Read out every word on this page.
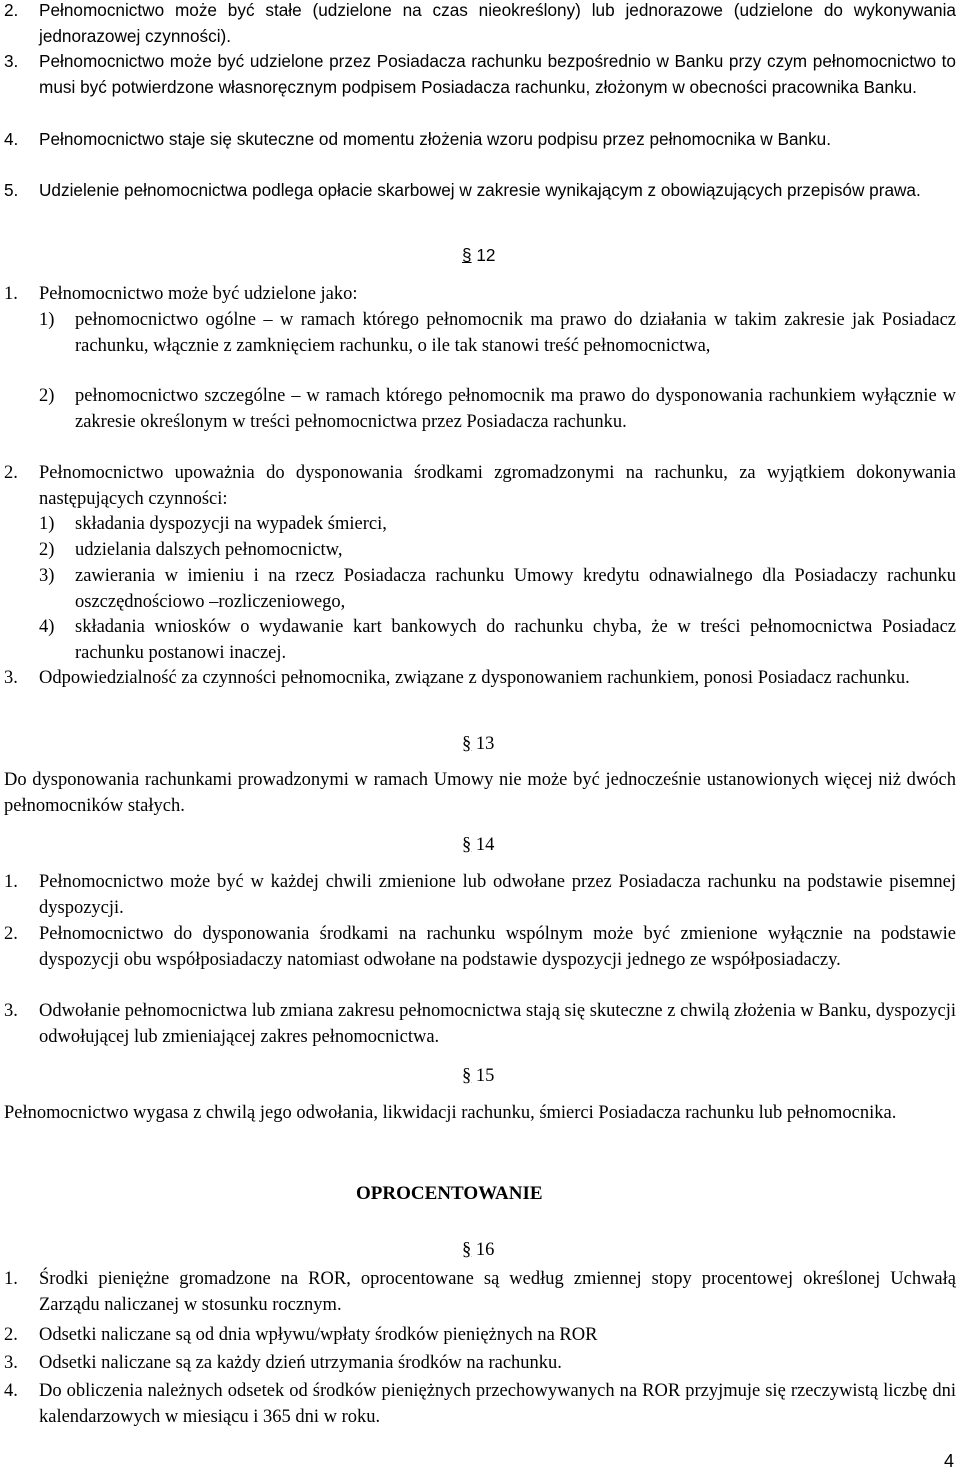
2. Pełnomocnictwo może być stałe (udzielone na czas nieokreślony) lub jednorazowe (udzielone do wykonywania jednorazowej czynności).
3. Pełnomocnictwo może być udzielone przez Posiadacza rachunku bezpośrednio w Banku przy czym pełnomocnictwo to musi być potwierdzone własnoręcznym podpisem Posiadacza rachunku, złożonym w obecności pracownika Banku.
4. Pełnomocnictwo staje się skuteczne od momentu złożenia wzoru podpisu przez pełnomocnika w Banku.
5. Udzielenie pełnomocnictwa podlega opłacie skarbowej w zakresie wynikającym z obowiązujących przepisów prawa.
§ 12
1. Pełnomocnictwo może być udzielone jako:
1) pełnomocnictwo ogólne – w ramach którego pełnomocnik ma prawo do działania w takim zakresie jak Posiadacz rachunku, włącznie z zamknięciem rachunku, o ile tak stanowi treść pełnomocnictwa,
2) pełnomocnictwo szczególne – w ramach którego pełnomocnik ma prawo do dysponowania rachunkiem wyłącznie w zakresie określonym w treści pełnomocnictwa przez Posiadacza rachunku.
2. Pełnomocnictwo upoważnia do dysponowania środkami zgromadzonymi na rachunku, za wyjątkiem dokonywania następujących czynności:
1) składania dyspozycji na wypadek śmierci,
2) udzielania dalszych pełnomocnictw,
3) zawierania w imieniu i na rzecz Posiadacza rachunku Umowy kredytu odnawialnego dla Posiadaczy rachunku oszczędnościowo –rozliczeniowego,
4) składania wniosków o wydawanie kart bankowych do rachunku chyba, że w treści pełnomocnictwa Posiadacz rachunku postanowi inaczej.
3. Odpowiedzialność za czynności pełnomocnika, związane z dysponowaniem rachunkiem, ponosi Posiadacz rachunku.
§ 13
Do dysponowania rachunkami prowadzonymi w ramach Umowy nie może być jednocześnie ustanowionych więcej niż dwóch pełnomocników stałych.
§ 14
1. Pełnomocnictwo może być w każdej chwili zmienione lub odwołane przez Posiadacza rachunku na podstawie pisemnej dyspozycji.
2. Pełnomocnictwo do dysponowania środkami na rachunku wspólnym może być zmienione wyłącznie na podstawie dyspozycji obu współposiadaczy natomiast odwołane na podstawie dyspozycji jednego ze współposiadaczy.
3. Odwołanie pełnomocnictwa lub zmiana zakresu pełnomocnictwa stają się skuteczne z chwilą złożenia w Banku, dyspozycji odwołującej lub zmieniającej zakres pełnomocnictwa.
§ 15
Pełnomocnictwo wygasa z chwilą jego odwołania, likwidacji rachunku, śmierci Posiadacza rachunku lub pełnomocnika.
OPROCENTOWANIE
§ 16
1. Środki pieniężne gromadzone na ROR, oprocentowane są według zmiennej stopy procentowej określonej Uchwałą Zarządu naliczanej w stosunku rocznym.
2. Odsetki naliczane są od dnia wpływu/wpłaty środków pieniężnych na ROR
3. Odsetki naliczane są za każdy dzień utrzymania środków na rachunku.
4. Do obliczenia należnych odsetek od środków pieniężnych przechowywanych na ROR przyjmuje się rzeczywistą liczbę dni kalendarzowych w miesiącu i 365 dni w roku.
4
